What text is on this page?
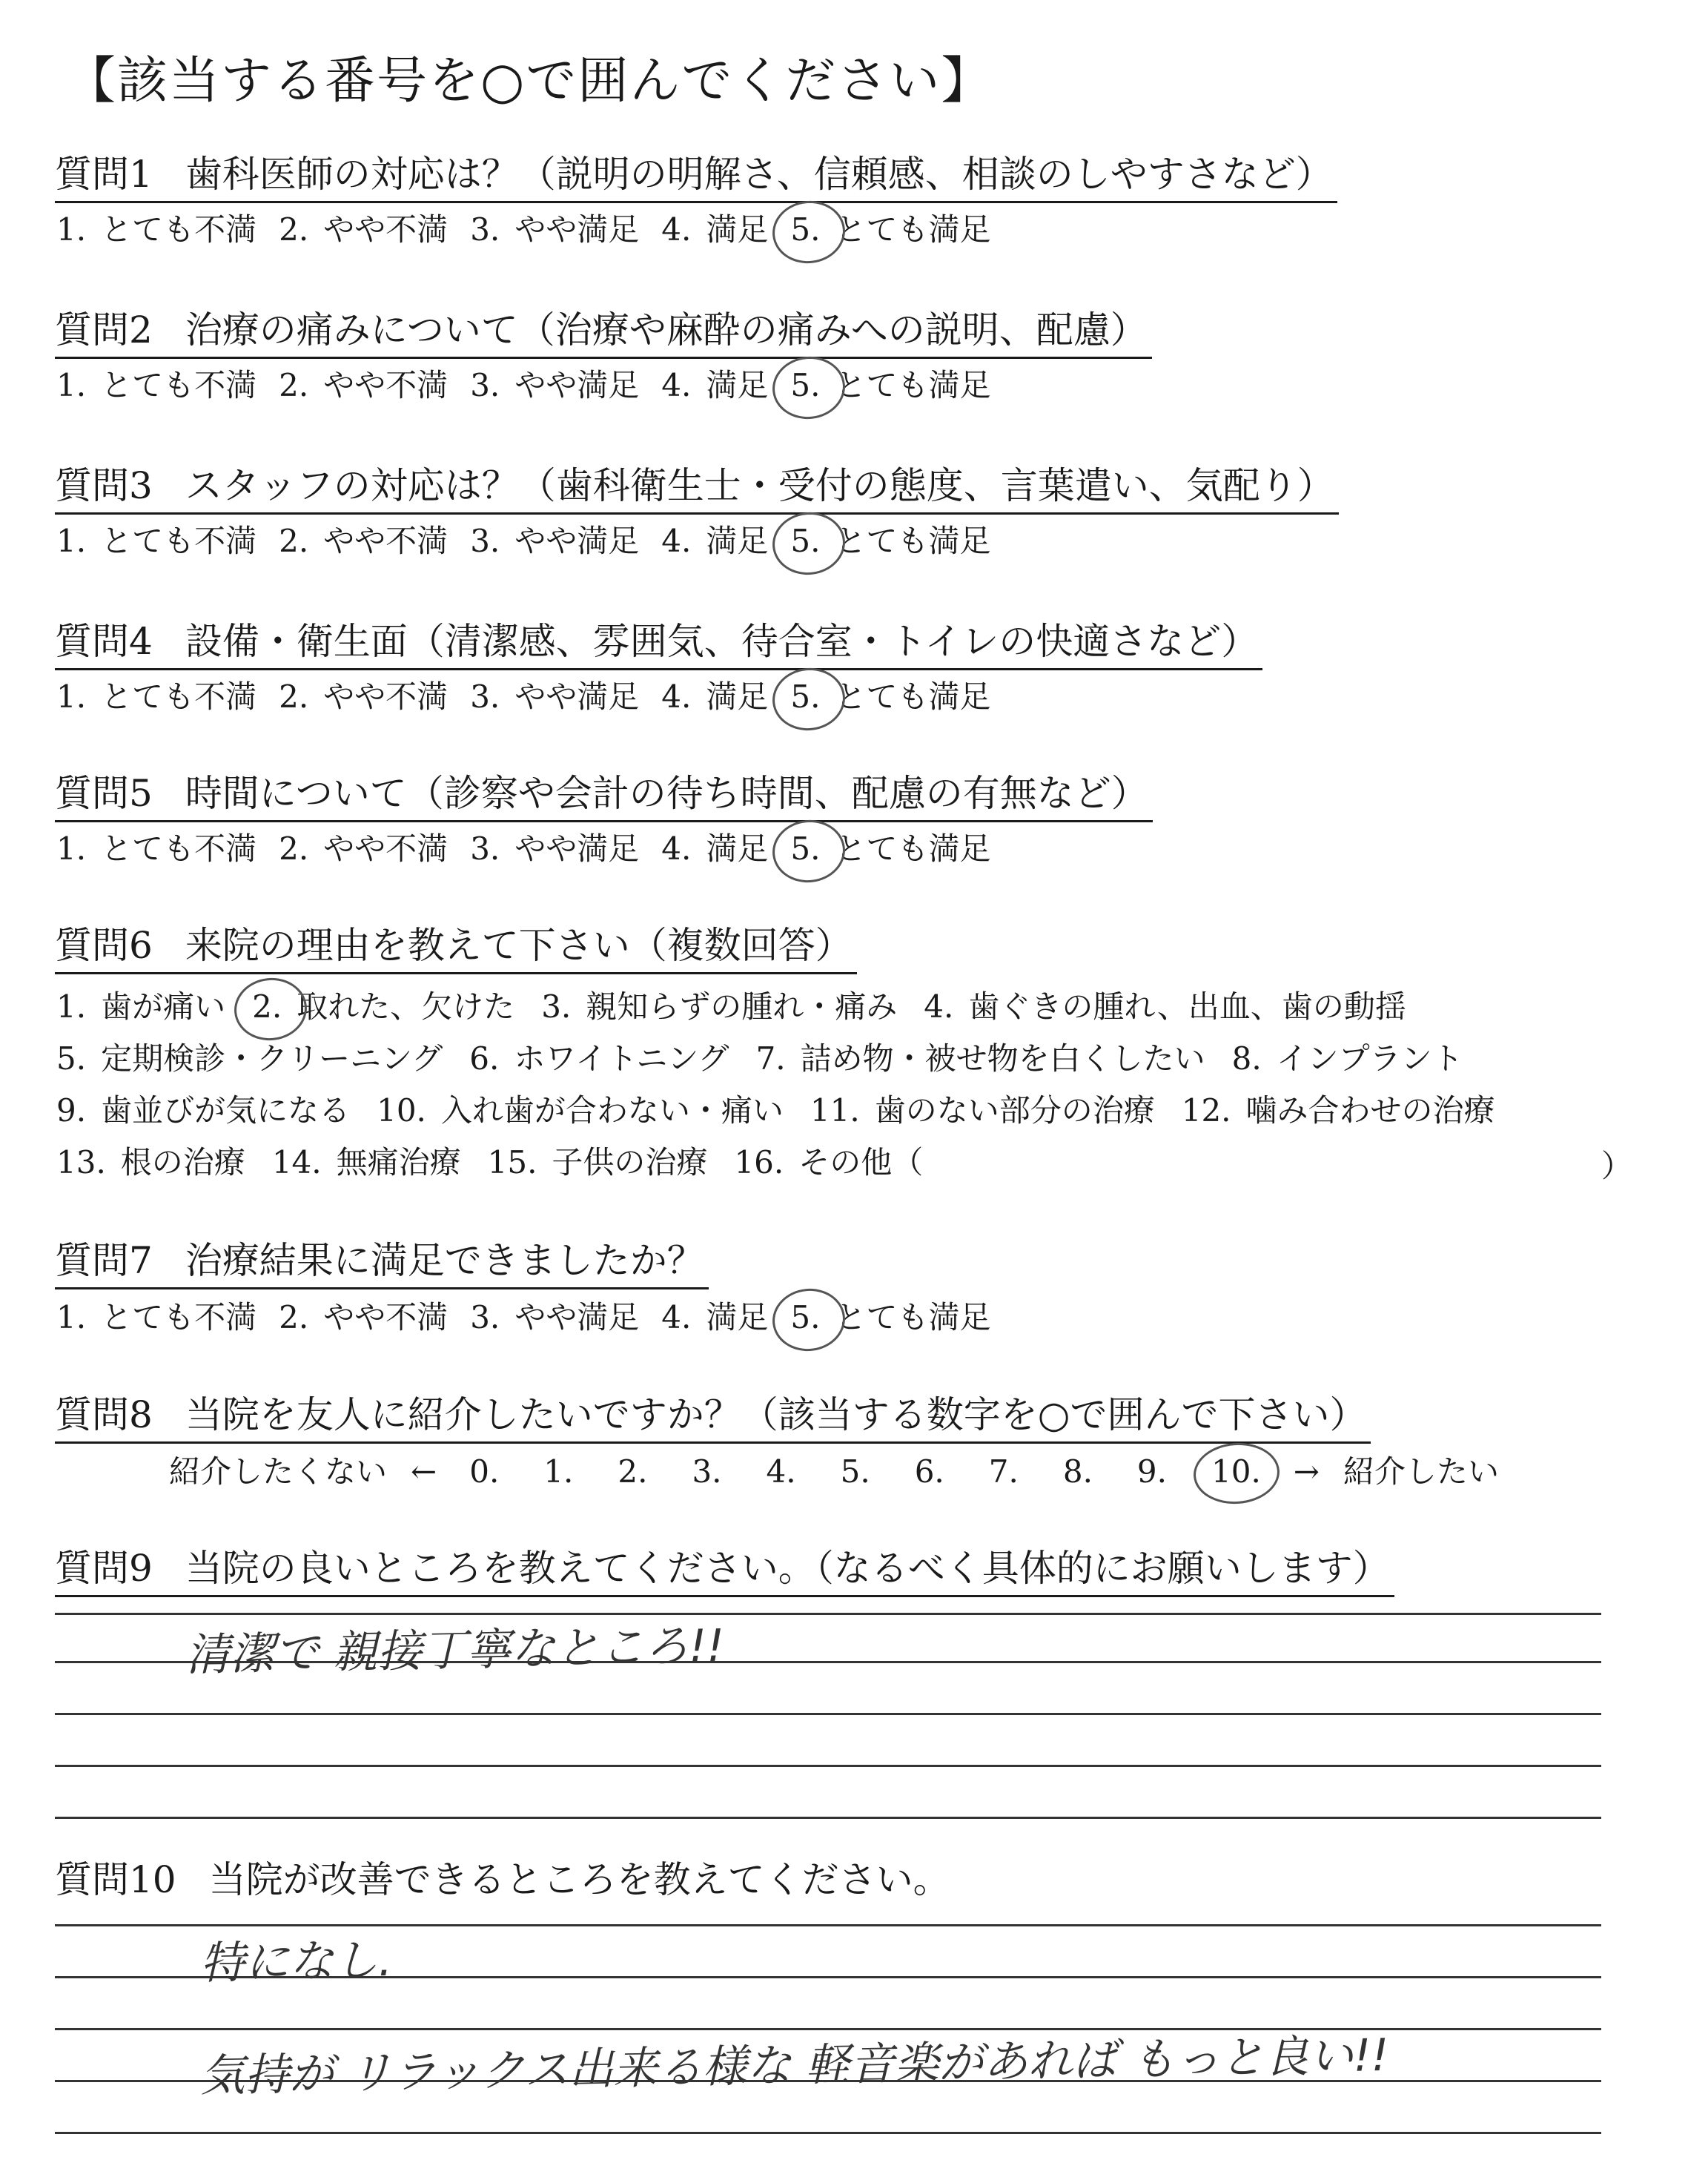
【該当する番号を○で囲んでください】
質問1 歯科医師の対応は？（説明の明解さ、信頼感、相談のしやすさなど）
1. とても不満 2. やや不満 3. やや満足 4. 満足 5. とても満足
質問2 治療の痛みについて（治療や麻酔の痛みへの説明、配慮）
1. とても不満 2. やや不満 3. やや満足 4. 満足 5. とても満足
質問3 スタッフの対応は？（歯科衛生士・受付の態度、言葉遣い、気配り）
1. とても不満 2. やや不満 3. やや満足 4. 満足 5. とても満足
質問4 設備・衛生面（清潔感、雰囲気、待合室・トイレの快適さなど）
1. とても不満 2. やや不満 3. やや満足 4. 満足 5. とても満足
質問5 時間について（診察や会計の待ち時間、配慮の有無など）
1. とても不満 2. やや不満 3. やや満足 4. 満足 5. とても満足
質問6 来院の理由を教えて下さい（複数回答）
1. 歯が痛い 2. 取れた、欠けた 3. 親知らずの腫れ・痛み 4. 歯ぐきの腫れ、出血、歯の動揺
5. 定期検診・クリーニング 6. ホワイトニング 7. 詰め物・被せ物を白くしたい 8. インプラント
9. 歯並びが気になる 10. 入れ歯が合わない・痛い 11. 歯のない部分の治療 12. 噛み合わせの治療
13. 根の治療 14. 無痛治療 15. 子供の治療 16. その他（	）
質問7 治療結果に満足できましたか？
1. とても不満 2. やや不満 3. やや満足 4. 満足 5. とても満足
質問8 当院を友人に紹介したいですか？（該当する数字を○で囲んで下さい）
紹介したくない ← 0. 1. 2. 3. 4. 5. 6. 7. 8. 9. 10. → 紹介したい
質問9 当院の良いところを教えてください。（なるべく具体的にお願いします）
清潔で 親接丁寧なところ!!
質問10 当院が改善できるところを教えてください。
特になし.
気持が リラックス出来る様な 軽音楽があれば もっと良い!!
